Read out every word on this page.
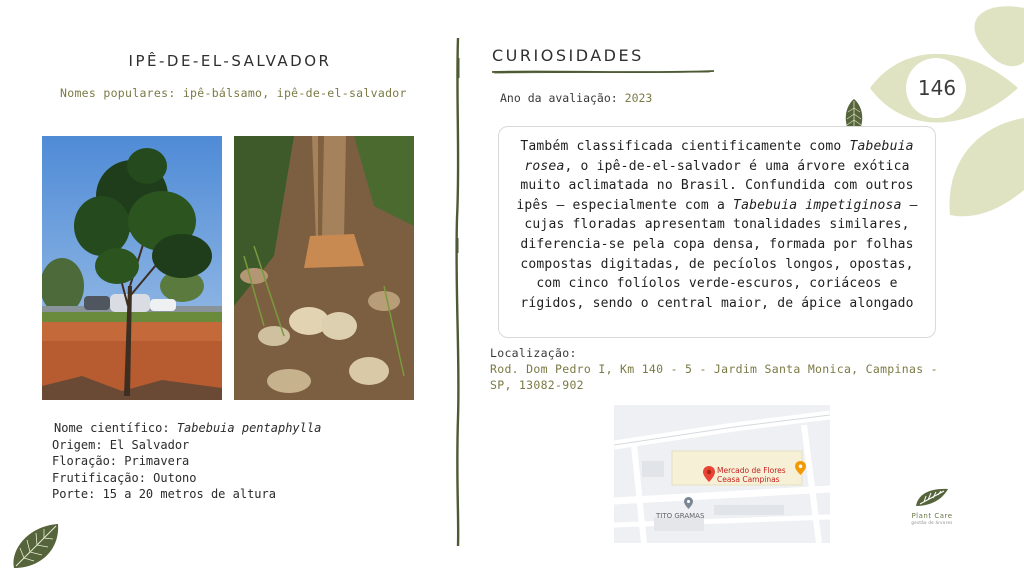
146
IPÊ-DE-EL-SALVADOR
Nomes populares: ipê-bálsamo, ipê-de-el-salvador
Nome científico: Tabebuia pentaphylla
Origem: El Salvador
Floração: Primavera
Frutificação: Outono
Porte: 15 a 20 metros de altura
CURIOSIDADES
Ano da avaliação: 2023

Também classificada cientificamente como Tabebuia rosea, o ipê-de-el-salvador é uma árvore exótica muito aclimatada no Brasil. Confundida com outros ipês – especialmente com a Tabebuia impetiginosa – cujas floradas apresentam tonalidades similares, diferencia-se pela copa densa, formada por folhas compostas digitadas, de pecíolos longos, opostas, com cinco folíolos verde-escuros, coriáceos e rígidos, sendo o central maior, de ápice alongado

Localização:
Rod. Dom Pedro I, Km 140 - 5 - Jardim Santa Monica, Campinas - SP, 13082-902
Mercado de Flores
Ceasa Campinas
TITO GRAMAS	Plant Care
gestão de árvores
